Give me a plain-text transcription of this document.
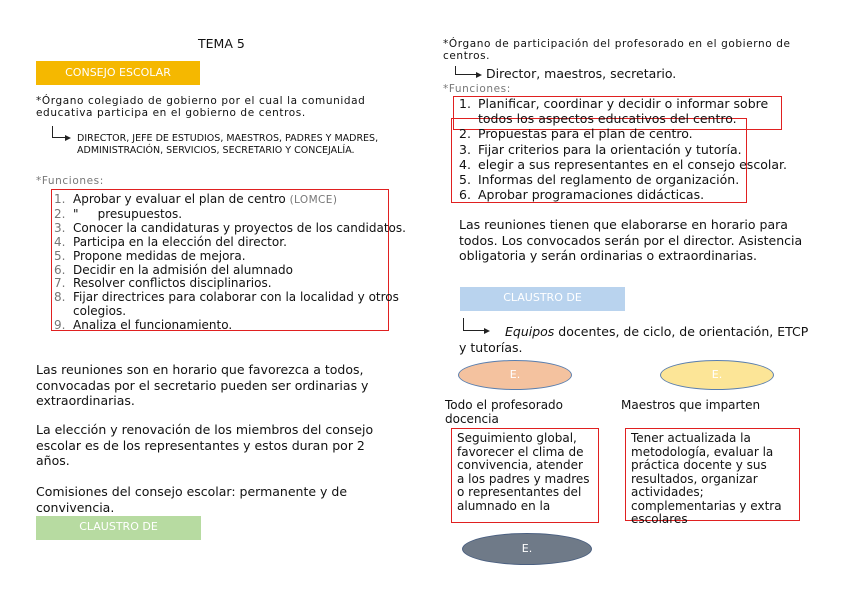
TEMA 5
CONSEJO ESCOLAR
*Órgano colegiado de gobierno por el cual la comunidad educativa participa en el gobierno de centros.
DIRECTOR, JEFE DE ESTUDIOS, MAESTROS, PADRES Y MADRES, ADMINISTRACIÓN, SERVICIOS, SECRETARIO Y CONCEJALÍA.
*Funciones:
1. Aprobar y evaluar el plan de centro (LOMCE)
2. "     presupuestos.
3. Conocer la candidaturas y proyectos de los candidatos.
4. Participa en la elección del director.
5. Propone medidas de mejora.
6. Decidir en la admisión del alumnado
7. Resolver conflictos disciplinarios.
8. Fijar directrices para colaborar con la localidad y otros colegios.
9. Analiza el funcionamiento.
Las reuniones son en horario que favorezca a todos, convocadas por el secretario pueden ser ordinarias y extraordinarias.
La elección y renovación de los miembros del consejo escolar es de los representantes y estos duran por 2 años.
Comisiones del consejo escolar: permanente y de convivencia.
CLAUSTRO DE PROFESORADO
*Órgano de participación del profesorado en el gobierno de centros.
Director, maestros, secretario.
*Funciones:
1. Planificar, coordinar y decidir o informar sobre todos los aspectos educativos del centro.
2. Propuestas para el plan de centro.
3. Fijar criterios para la orientación y tutoría.
4. elegir a sus representantes en el consejo escolar.
5. Informas del reglamento de organización.
6. Aprobar programaciones didácticas.
Las reuniones tienen que elaborarse en horario para todos. Los convocados serán por el director. Asistencia obligatoria y serán ordinarias o extraordinarias.
CLAUSTRO DE PROFESORADO
Equipos docentes, de ciclo, de orientación, ETCP y tutorías.
E.	E.
Todo el profesorado docencia
Maestros que imparten
Seguimiento global, favorecer el clima de convivencia, atender a los padres y madres o representantes del alumnado en la
Tener actualizada la metodología, evaluar la práctica docente y sus resultados, organizar actividades; complementarias y extra escolares
E.
